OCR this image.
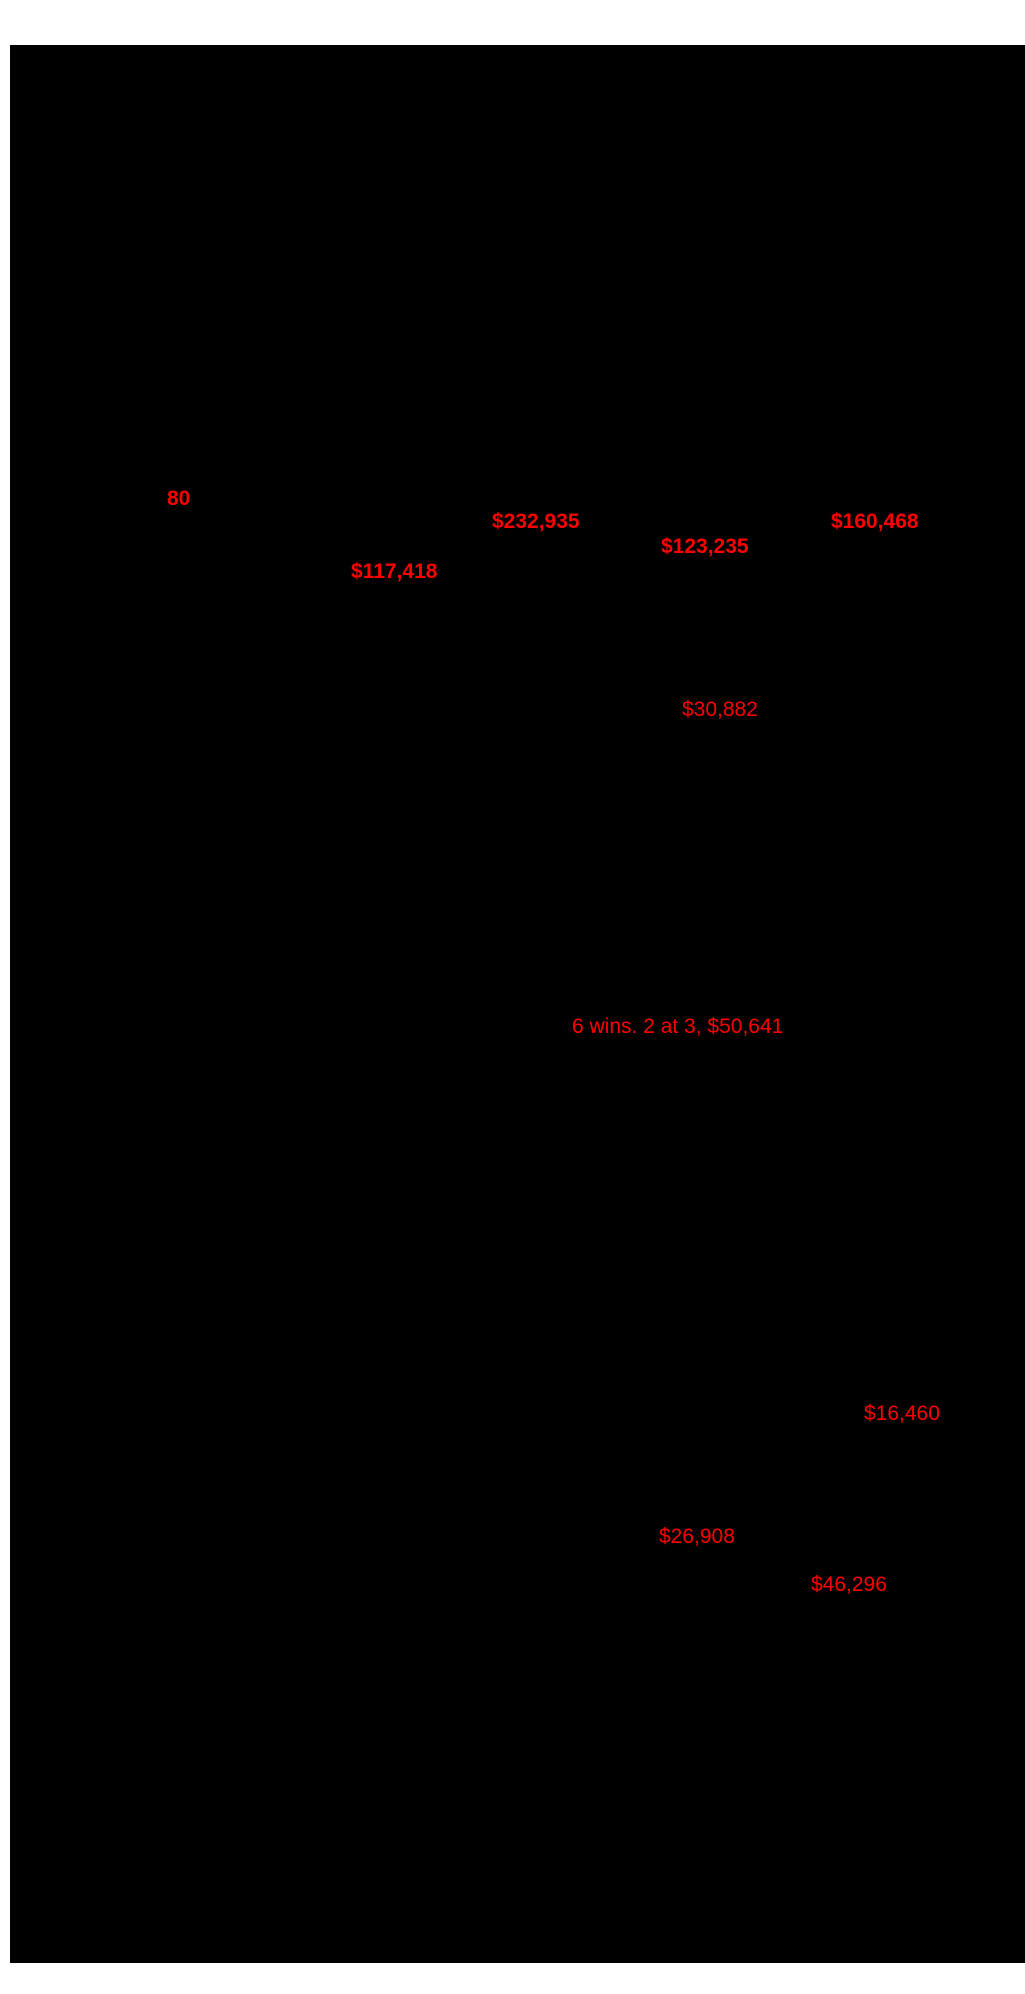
80
$232,935	$160,468
$123,235
$117,418
$30,882
6 wins. 2 at 3, $50,641
$16,460
$26,908
$46,296
